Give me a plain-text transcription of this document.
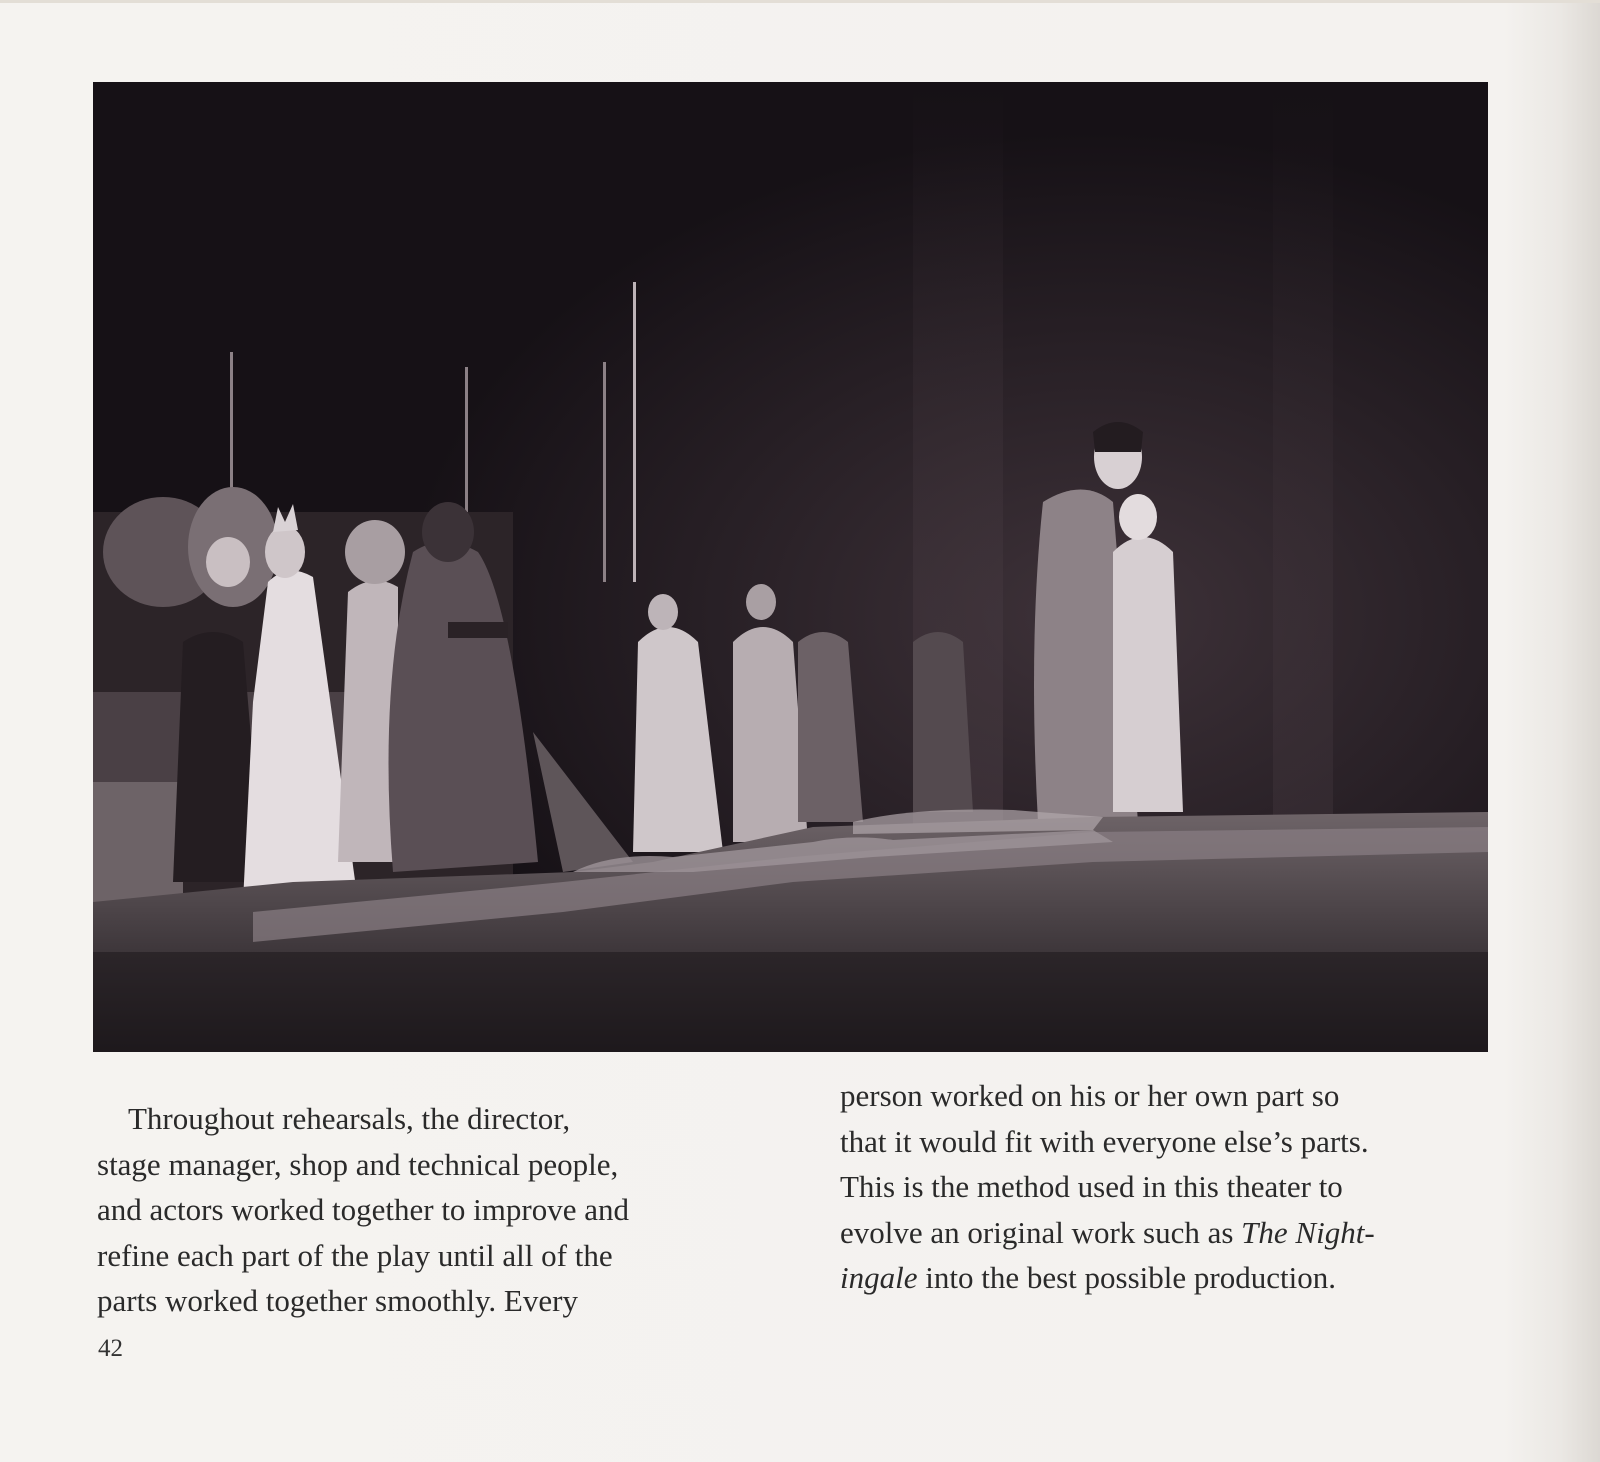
Throughout rehearsals, the director,
stage manager, shop and technical people,
and actors worked together to improve and
refine each part of the play until all of the
parts worked together smoothly. Every
person worked on his or her own part so
that it would fit with everyone else’s parts.
This is the method used in this theater to
evolve an original work such as The Night-
ingale into the best possible production.
42
